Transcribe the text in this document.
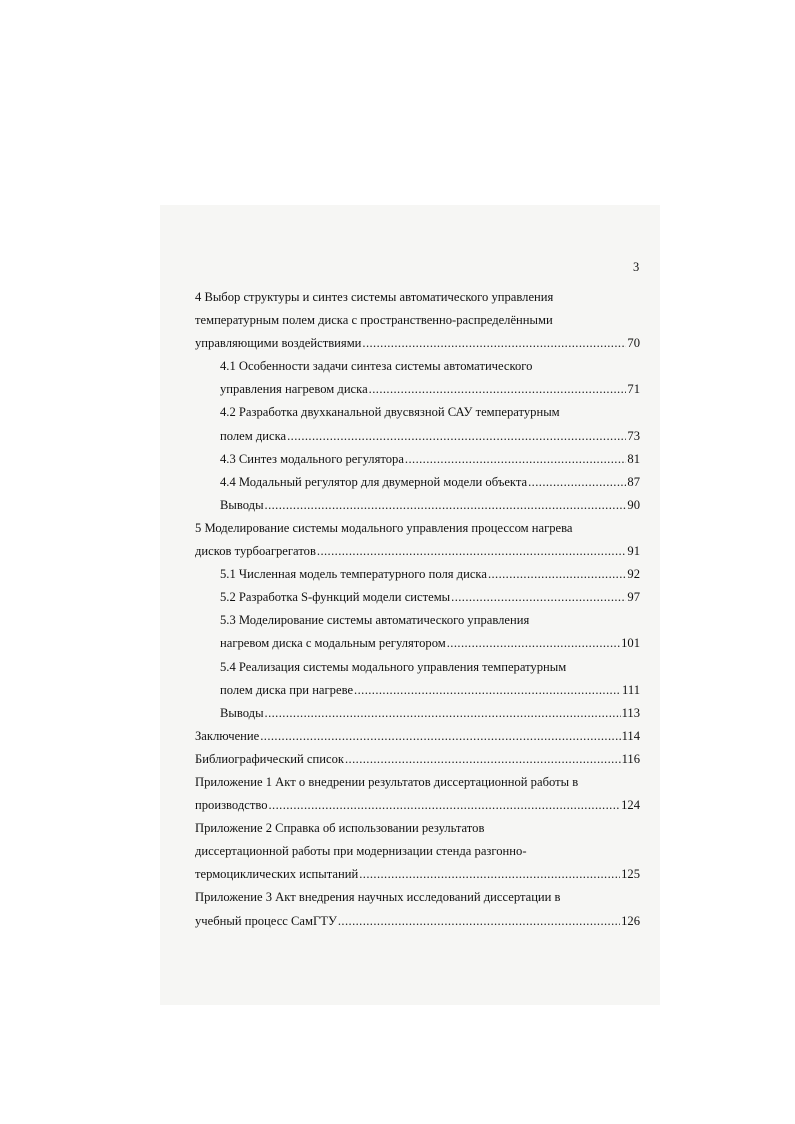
3
4 Выбор структуры и синтез системы автоматического управления
температурным полем диска с пространственно-распределёнными
управляющими воздействиями .....	70
4.1 Особенности задачи синтеза системы автоматического
управления нагревом диска .....	71
4.2 Разработка двухканальной двусвязной САУ температурным
полем диска .....	73
4.3 Синтез модального регулятора .....	81
4.4 Модальный регулятор для двумерной модели объекта .....	87
Выводы .....	90
5 Моделирование системы модального управления процессом нагрева
дисков турбоагрегатов .....	91
5.1 Численная модель температурного поля диска .....	92
5.2 Разработка S-функций модели системы .....	97
5.3 Моделирование системы автоматического управления
нагревом диска с модальным регулятором .....	101
5.4 Реализация системы модального управления температурным
полем диска при нагреве .....	111
Выводы .....	113
Заключение .....	114
Библиографический список .....	116
Приложение 1 Акт о внедрении результатов диссертационной работы в
производство .....	124
Приложение 2 Справка об использовании результатов
диссертационной работы при модернизации стенда разгонно-
термоциклических испытаний .....	125
Приложение 3 Акт внедрения научных исследований диссертации в
учебный процесс СамГТУ .....	126
